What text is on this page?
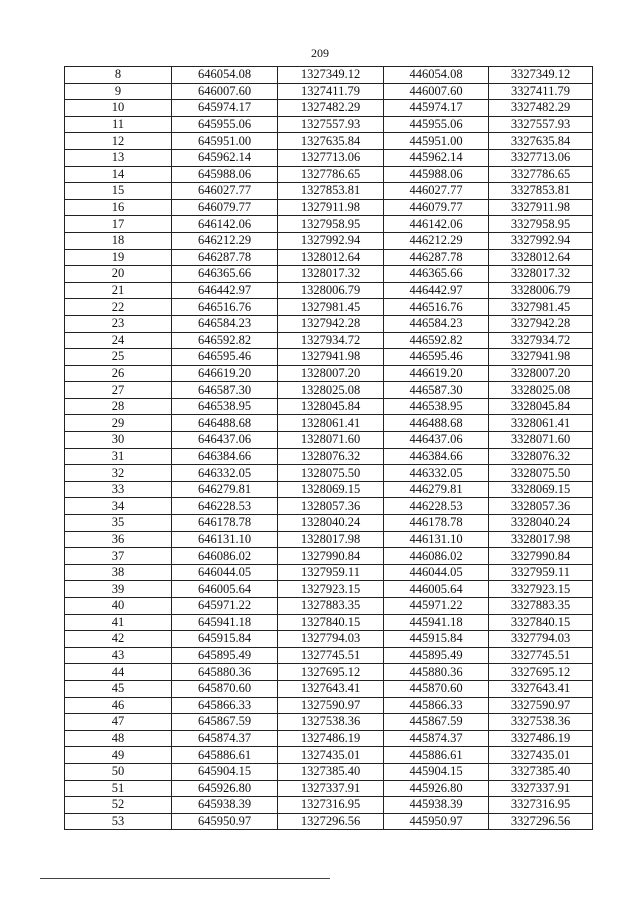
209
8	646054.08	1327349.12	446054.08	3327349.12
9	646007.60	1327411.79	446007.60	3327411.79
10	645974.17	1327482.29	445974.17	3327482.29
11	645955.06	1327557.93	445955.06	3327557.93
12	645951.00	1327635.84	445951.00	3327635.84
13	645962.14	1327713.06	445962.14	3327713.06
14	645988.06	1327786.65	445988.06	3327786.65
15	646027.77	1327853.81	446027.77	3327853.81
16	646079.77	1327911.98	446079.77	3327911.98
17	646142.06	1327958.95	446142.06	3327958.95
18	646212.29	1327992.94	446212.29	3327992.94
19	646287.78	1328012.64	446287.78	3328012.64
20	646365.66	1328017.32	446365.66	3328017.32
21	646442.97	1328006.79	446442.97	3328006.79
22	646516.76	1327981.45	446516.76	3327981.45
23	646584.23	1327942.28	446584.23	3327942.28
24	646592.82	1327934.72	446592.82	3327934.72
25	646595.46	1327941.98	446595.46	3327941.98
26	646619.20	1328007.20	446619.20	3328007.20
27	646587.30	1328025.08	446587.30	3328025.08
28	646538.95	1328045.84	446538.95	3328045.84
29	646488.68	1328061.41	446488.68	3328061.41
30	646437.06	1328071.60	446437.06	3328071.60
31	646384.66	1328076.32	446384.66	3328076.32
32	646332.05	1328075.50	446332.05	3328075.50
33	646279.81	1328069.15	446279.81	3328069.15
34	646228.53	1328057.36	446228.53	3328057.36
35	646178.78	1328040.24	446178.78	3328040.24
36	646131.10	1328017.98	446131.10	3328017.98
37	646086.02	1327990.84	446086.02	3327990.84
38	646044.05	1327959.11	446044.05	3327959.11
39	646005.64	1327923.15	446005.64	3327923.15
40	645971.22	1327883.35	445971.22	3327883.35
41	645941.18	1327840.15	445941.18	3327840.15
42	645915.84	1327794.03	445915.84	3327794.03
43	645895.49	1327745.51	445895.49	3327745.51
44	645880.36	1327695.12	445880.36	3327695.12
45	645870.60	1327643.41	445870.60	3327643.41
46	645866.33	1327590.97	445866.33	3327590.97
47	645867.59	1327538.36	445867.59	3327538.36
48	645874.37	1327486.19	445874.37	3327486.19
49	645886.61	1327435.01	445886.61	3327435.01
50	645904.15	1327385.40	445904.15	3327385.40
51	645926.80	1327337.91	445926.80	3327337.91
52	645938.39	1327316.95	445938.39	3327316.95
53	645950.97	1327296.56	445950.97	3327296.56
